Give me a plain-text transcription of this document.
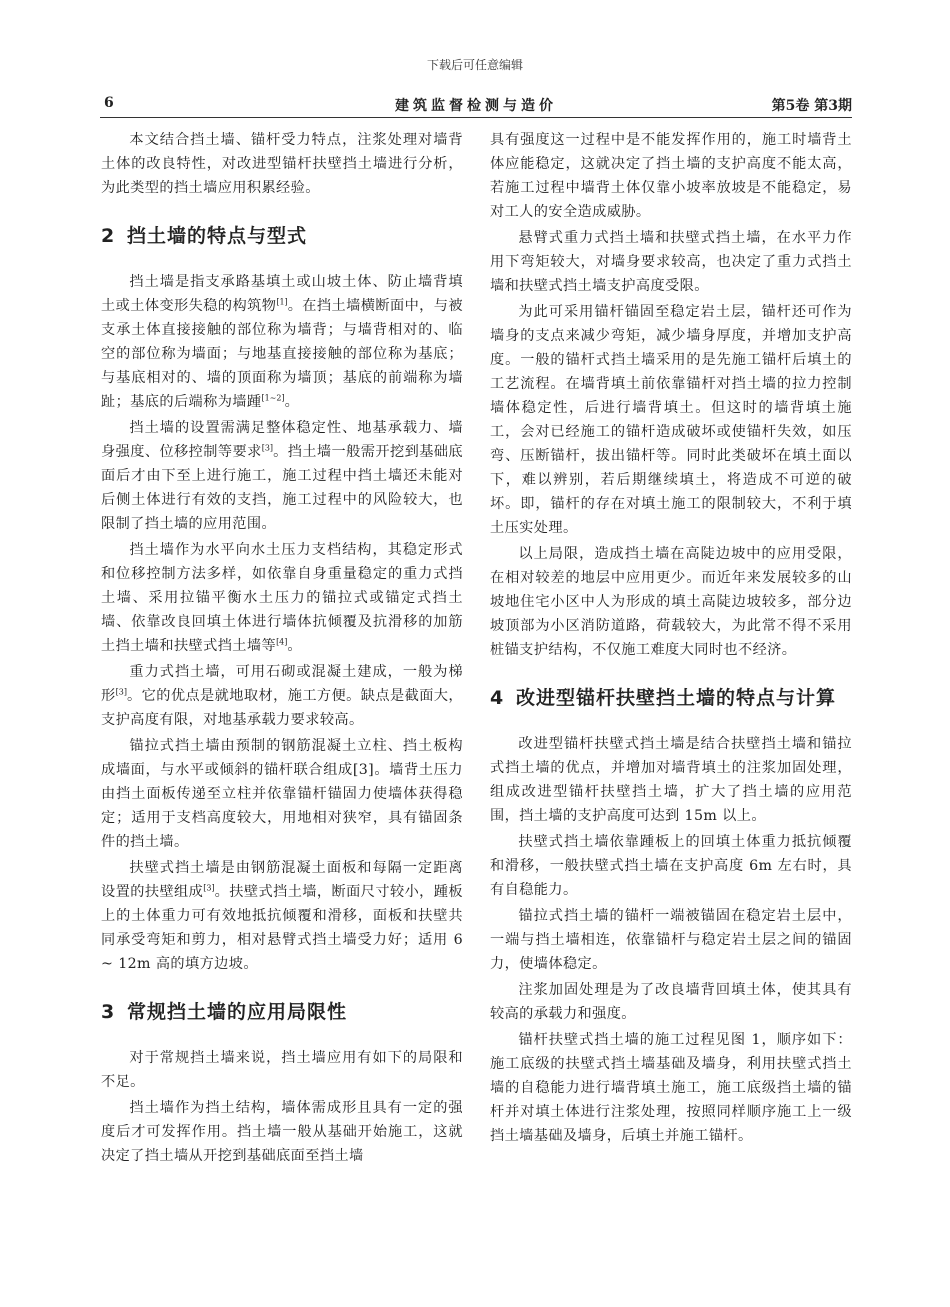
下载后可任意编辑
6	建筑监督检测与造价	第5卷 第3期

本文结合挡土墙、锚杆受力特点，注浆处理对墙背土体的改良特性，对改进型锚杆扶壁挡土墙进行分析，为此类型的挡土墙应用积累经验。

2 挡土墙的特点与型式

挡土墙是指支承路基填土或山坡土体、防止墙背填土或土体变形失稳的构筑物[1]。在挡土墙横断面中，与被支承土体直接接触的部位称为墙背；与墙背相对的、临空的部位称为墙面；与地基直接接触的部位称为基底；与基底相对的、墙的顶面称为墙顶；基底的前端称为墙趾；基底的后端称为墙踵[1~2]。

挡土墙的设置需满足整体稳定性、地基承载力、墙身强度、位移控制等要求[3]。挡土墙一般需开挖到基础底面后才由下至上进行施工，施工过程中挡土墙还未能对后侧土体进行有效的支挡，施工过程中的风险较大，也限制了挡土墙的应用范围。

挡土墙作为水平向水土压力支档结构，其稳定形式和位移控制方法多样，如依靠自身重量稳定的重力式挡土墙、采用拉锚平衡水土压力的锚拉式或锚定式挡土墙、依靠改良回填土体进行墙体抗倾覆及抗滑移的加筋土挡土墙和扶壁式挡土墙等[4]。

重力式挡土墙，可用石砌或混凝土建成，一般为梯形[3]。它的优点是就地取材，施工方便。缺点是截面大，支护高度有限，对地基承载力要求较高。

锚拉式挡土墙由预制的钢筋混凝土立柱、挡土板构成墙面，与水平或倾斜的锚杆联合组成[3]。墙背土压力由挡土面板传递至立柱并依靠锚杆锚固力使墙体获得稳定；适用于支档高度较大，用地相对狭窄，具有锚固条件的挡土墙。

扶壁式挡土墙是由钢筋混凝土面板和每隔一定距离设置的扶壁组成[3]。扶壁式挡土墙，断面尺寸较小，踵板上的土体重力可有效地抵抗倾覆和滑移，面板和扶壁共同承受弯矩和剪力，相对悬臂式挡土墙受力好；适用 6 ~ 12m 高的填方边坡。

3 常规挡土墙的应用局限性

对于常规挡土墙来说，挡土墙应用有如下的局限和不足。

挡土墙作为挡土结构，墙体需成形且具有一定的强度后才可发挥作用。挡土墙一般从基础开始施工，这就决定了挡土墙从开挖到基础底面至挡土墙

具有强度这一过程中是不能发挥作用的，施工时墙背土体应能稳定，这就决定了挡土墙的支护高度不能太高，若施工过程中墙背土体仅靠小坡率放坡是不能稳定，易对工人的安全造成威胁。

悬臂式重力式挡土墙和扶壁式挡土墙，在水平力作用下弯矩较大，对墙身要求较高，也决定了重力式挡土墙和扶壁式挡土墙支护高度受限。

为此可采用锚杆锚固至稳定岩土层，锚杆还可作为墙身的支点来减少弯矩，减少墙身厚度，并增加支护高度。一般的锚杆式挡土墙采用的是先施工锚杆后填土的工艺流程。在墙背填土前依靠锚杆对挡土墙的拉力控制墙体稳定性，后进行墙背填土。但这时的墙背填土施工，会对已经施工的锚杆造成破坏或使锚杆失效，如压弯、压断锚杆，拔出锚杆等。同时此类破坏在填土面以下，难以辨别，若后期继续填土，将造成不可逆的破坏。即，锚杆的存在对填土施工的限制较大，不利于填土压实处理。

以上局限，造成挡土墙在高陡边坡中的应用受限，在相对较差的地层中应用更少。而近年来发展较多的山坡地住宅小区中人为形成的填土高陡边坡较多，部分边坡顶部为小区消防道路，荷载较大，为此常不得不采用桩锚支护结构，不仅施工难度大同时也不经济。

4 改进型锚杆扶壁挡土墙的特点与计算

改进型锚杆扶壁式挡土墙是结合扶壁挡土墙和锚拉式挡土墙的优点，并增加对墙背填土的注浆加固处理，组成改进型锚杆扶壁挡土墙，扩大了挡土墙的应用范围，挡土墙的支护高度可达到 15m 以上。

扶壁式挡土墙依靠踵板上的回填土体重力抵抗倾覆和滑移，一般扶壁式挡土墙在支护高度 6m 左右时，具有自稳能力。

锚拉式挡土墙的锚杆一端被锚固在稳定岩土层中，一端与挡土墙相连，依靠锚杆与稳定岩土层之间的锚固力，使墙体稳定。

注浆加固处理是为了改良墙背回填土体，使其具有较高的承载力和强度。

锚杆扶壁式挡土墙的施工过程见图 1，顺序如下：施工底级的扶壁式挡土墙基础及墙身，利用扶壁式挡土墙的自稳能力进行墙背填土施工，施工底级挡土墙的锚杆并对填土体进行注浆处理，按照同样顺序施工上一级挡土墙基础及墙身，后填土并施工锚杆。
